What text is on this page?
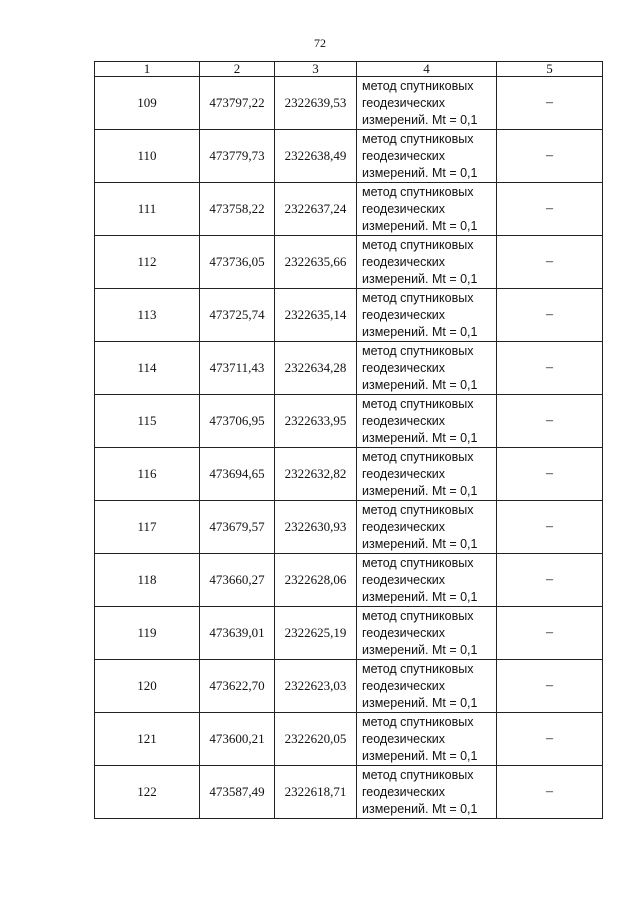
72
1	2	3	4	5
109	473797,22	2322639,53	метод спутниковых
геодезических
измерений. Mt = 0,1	–
110	473779,73	2322638,49	метод спутниковых
геодезических
измерений. Mt = 0,1	–
111	473758,22	2322637,24	метод спутниковых
геодезических
измерений. Mt = 0,1	–
112	473736,05	2322635,66	метод спутниковых
геодезических
измерений. Mt = 0,1	–
113	473725,74	2322635,14	метод спутниковых
геодезических
измерений. Mt = 0,1	–
114	473711,43	2322634,28	метод спутниковых
геодезических
измерений. Mt = 0,1	–
115	473706,95	2322633,95	метод спутниковых
геодезических
измерений. Mt = 0,1	–
116	473694,65	2322632,82	метод спутниковых
геодезических
измерений. Mt = 0,1	–
117	473679,57	2322630,93	метод спутниковых
геодезических
измерений. Mt = 0,1	–
118	473660,27	2322628,06	метод спутниковых
геодезических
измерений. Mt = 0,1	–
119	473639,01	2322625,19	метод спутниковых
геодезических
измерений. Mt = 0,1	–
120	473622,70	2322623,03	метод спутниковых
геодезических
измерений. Mt = 0,1	–
121	473600,21	2322620,05	метод спутниковых
геодезических
измерений. Mt = 0,1	–
122	473587,49	2322618,71	метод спутниковых
геодезических
измерений. Mt = 0,1	–
